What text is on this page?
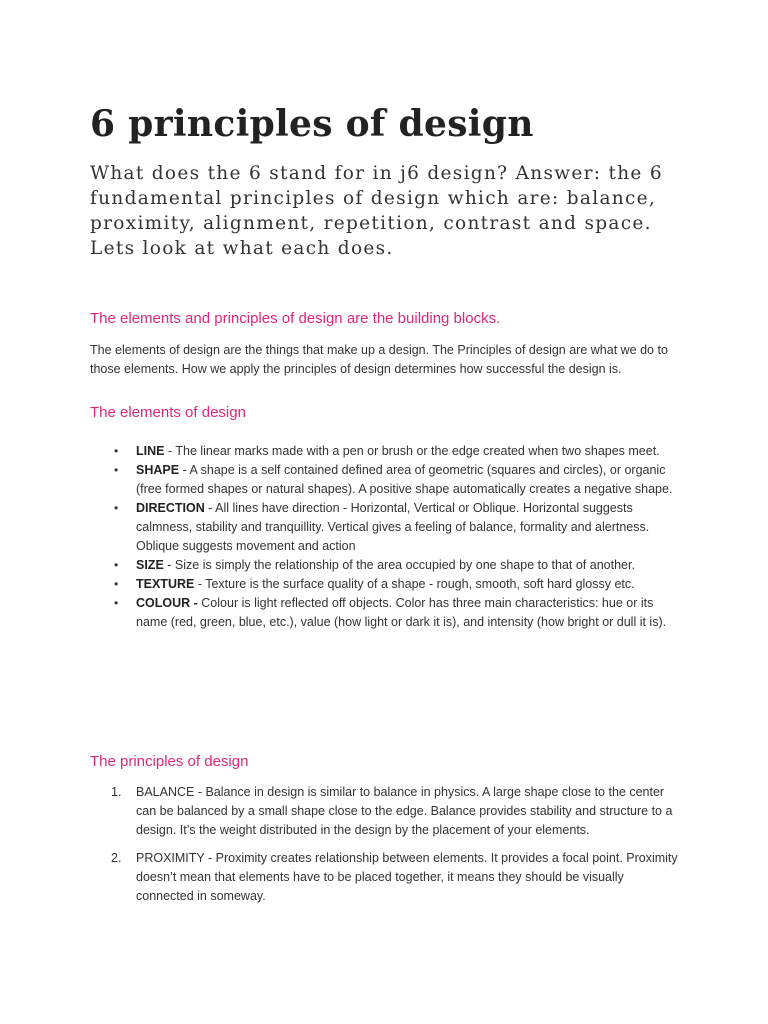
6 principles of design

What does the 6 stand for in j6 design? Answer: the 6 fundamental principles of design which are: balance, proximity, alignment, repetition, contrast and space. Lets look at what each does.

The elements and principles of design are the building blocks.

The elements of design are the things that make up a design. The Principles of design are what we do to those elements. How we apply the principles of design determines how successful the design is.

The elements of design
• LINE - The linear marks made with a pen or brush or the edge created when two shapes meet.
• SHAPE - A shape is a self contained defined area of geometric (squares and circles), or organic (free formed shapes or natural shapes). A positive shape automatically creates a negative shape.
• DIRECTION - All lines have direction - Horizontal, Vertical or Oblique. Horizontal suggests calmness, stability and tranquillity. Vertical gives a feeling of balance, formality and alertness. Oblique suggests movement and action
• SIZE - Size is simply the relationship of the area occupied by one shape to that of another.
• TEXTURE - Texture is the surface quality of a shape - rough, smooth, soft hard glossy etc.
• COLOUR - Colour is light reflected off objects. Color has three main characteristics: hue or its name (red, green, blue, etc.), value (how light or dark it is), and intensity (how bright or dull it is).
The principles of design
1. BALANCE - Balance in design is similar to balance in physics. A large shape close to the center can be balanced by a small shape close to the edge. Balance provides stability and structure to a design. It’s the weight distributed in the design by the placement of your elements.
2. PROXIMITY - Proximity creates relationship between elements. It provides a focal point. Proximity doesn’t mean that elements have to be placed together, it means they should be visually connected in someway.
